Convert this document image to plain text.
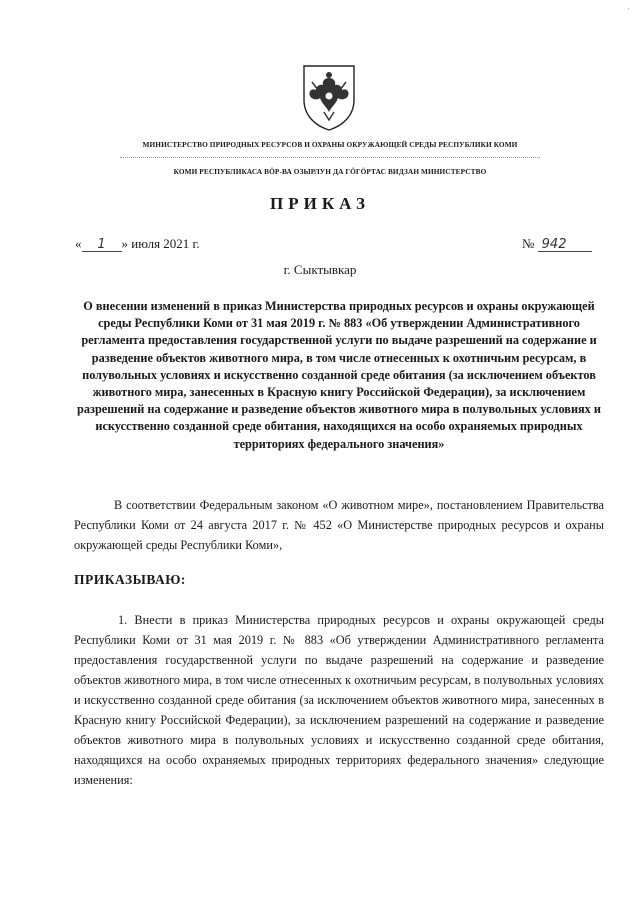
'
МИНИСТЕРСТВО ПРИРОДНЫХ РЕСУРСОВ И ОХРАНЫ ОКРУЖАЮЩЕЙ СРЕДЫ РЕСПУБЛИКИ КОМИ
КОМИ РЕСПУБЛИКАСА ВӦР-ВА ОЗЫРЛУН ДА ГӦГӦРТАС ВИДЗАН МИНИСТЕРСТВО
ПРИКАЗ
« 1 » июля 2021 г.	№ 942
г. Сыктывкар
О внесении изменений в приказ Министерства природных ресурсов и охраны окружающей среды Республики Коми от 31 мая 2019 г. № 883 «Об утверждении Административного регламента предоставления государственной услуги по выдаче разрешений на содержание и разведение объектов животного мира, в том числе отнесенных к охотничьим ресурсам, в полувольных условиях и искусственно созданной среде обитания (за исключением объектов животного мира, занесенных в Красную книгу Российской Федерации), за исключением разрешений на содержание и разведение объектов животного мира в полувольных условиях и искусственно созданной среде обитания, находящихся на особо охраняемых природных территориях федерального значения»
В соответствии Федеральным законом «О животном мире», постановлением Правительства Республики Коми от 24 августа 2017 г. № 452 «О Министерстве природных ресурсов и охраны окружающей среды Республики Коми»,
ПРИКАЗЫВАЮ:
1. Внести в приказ Министерства природных ресурсов и охраны окружающей среды Республики Коми от 31 мая 2019 г. № 883 «Об утверждении Административного регламента предоставления государственной услуги по выдаче разрешений на содержание и разведение объектов животного мира, в том числе отнесенных к охотничьим ресурсам, в полувольных условиях и искусственно созданной среде обитания (за исключением объектов животного мира, занесенных в Красную книгу Российской Федерации), за исключением разрешений на содержание и разведение объектов животного мира в полувольных условиях и искусственно созданной среде обитания, находящихся на особо охраняемых природных территориях федерального значения» следующие изменения:
